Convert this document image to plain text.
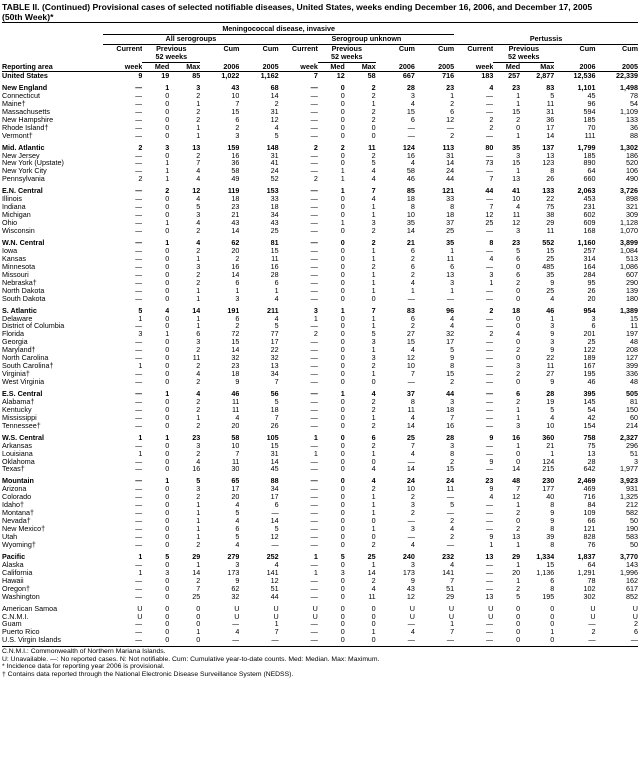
TABLE II. (Continued) Provisional cases of selected notifiable diseases, United States, weeks ending December 16, 2006, and December 17, 2005
(50th Week)*
	Meningococcal disease, invasive														
	All serogroups					Serogroup unknown					Pertussis				
	Current	Previous		Cum	Cum	Current	Previous		Cum	Cum	Current	Previous		Cum	Cum
		52 weeks					52 weeks					52 weeks			
Reporting area	week	Med	Max	2006	2005	week	Med	Max	2006	2005	week	Med	Max	2006	2005
United States	9	19	85	1,022	1,162	7	12	58	667	716	183	257	2,877	12,536	22,339

New England	—	1	3	43	68	—	0	2	28	23	4	23	83	1,101	1,498
Connecticut	—	0	2	10	14	—	0	2	3	1	—	1	5	45	78
Maine†	—	0	1	7	2	—	0	1	4	2	—	1	11	96	54
Massachusetts	—	0	2	15	31	—	0	2	15	6	—	15	31	594	1,109
New Hampshire	—	0	2	6	12	—	0	2	6	12	2	2	36	185	133
Rhode Island†	—	0	1	2	4	—	0	0	—	—	2	0	17	70	36
Vermont†	—	0	1	3	5	—	0	0	—	2	—	1	14	111	88

Mid. Atlantic	2	3	13	159	148	2	2	11	124	113	80	35	137	1,799	1,302
New Jersey	—	0	2	16	31	—	0	2	16	31	—	3	13	185	186
New York (Upstate)	—	1	7	36	41	—	0	5	4	14	73	15	123	890	520
New York City	—	1	4	58	24	—	1	4	58	24	—	1	8	64	106
Pennsylvania	2	1	4	49	52	2	1	4	46	44	7	13	26	660	490

E.N. Central	—	2	12	119	153	—	1	7	85	121	44	41	133	2,063	3,726
Illinois	—	0	4	18	33	—	0	4	18	33	—	10	22	453	898
Indiana	—	0	5	23	18	—	0	1	8	8	7	4	75	231	321
Michigan	—	0	3	21	34	—	0	1	10	18	12	11	38	602	309
Ohio	—	1	4	43	43	—	1	3	35	37	25	12	29	609	1,128
Wisconsin	—	0	2	14	25	—	0	2	14	25	—	3	11	168	1,070

W.N. Central	—	1	4	62	81	—	0	2	21	35	8	23	552	1,160	3,899
Iowa	—	0	2	20	15	—	0	1	6	1	—	5	15	257	1,084
Kansas	—	0	1	2	11	—	0	1	2	11	4	6	25	314	513
Minnesota	—	0	3	16	16	—	0	2	6	6	—	0	485	164	1,086
Missouri	—	0	2	14	28	—	0	1	2	13	3	6	35	284	607
Nebraska†	—	0	2	6	6	—	0	1	4	3	1	2	9	95	290
North Dakota	—	0	1	1	1	—	0	1	1	1	—	0	25	26	139
South Dakota	—	0	1	3	4	—	0	0	—	—	—	0	4	20	180

S. Atlantic	5	4	14	191	211	3	1	7	83	96	2	18	46	954	1,389
Delaware	1	0	1	6	4	1	0	1	6	4	—	0	1	3	15
District of Columbia	—	0	1	2	5	—	0	1	2	4	—	0	3	6	11
Florida	3	1	6	72	77	2	0	5	27	32	2	4	9	201	197
Georgia	—	0	3	15	17	—	0	3	15	17	—	0	3	25	48
Maryland†	—	0	2	14	22	—	0	1	4	5	—	2	9	122	208
North Carolina	—	0	11	32	32	—	0	3	12	9	—	0	22	189	127
South Carolina†	1	0	2	23	13	—	0	2	10	8	—	3	11	167	399
Virginia†	—	0	4	18	34	—	0	1	7	15	—	2	27	195	336
West Virginia	—	0	2	9	7	—	0	0	—	2	—	0	9	46	48

E.S. Central	—	1	4	46	56	—	1	4	37	44	—	6	28	395	505
Alabama†	—	0	2	11	5	—	0	2	8	3	—	2	19	145	81
Kentucky	—	0	2	11	18	—	0	2	11	18	—	1	5	54	150
Mississippi	—	0	1	4	7	—	0	1	4	7	—	1	4	42	60
Tennessee†	—	0	2	20	26	—	0	2	14	16	—	3	10	154	214

W.S. Central	1	1	23	58	105	1	0	6	25	28	9	16	360	758	2,327
Arkansas	—	0	3	10	15	—	0	2	7	3	—	1	21	75	296
Louisiana	1	0	2	7	31	1	0	1	4	8	—	0	1	13	51
Oklahoma	—	0	4	11	14	—	0	0	—	2	9	0	124	28	3
Texas†	—	0	16	30	45	—	0	4	14	15	—	14	215	642	1,977

Mountain	—	1	5	65	88	—	0	4	24	24	23	48	230	2,469	3,923
Arizona	—	0	3	17	34	—	0	2	10	11	9	7	177	469	931
Colorado	—	0	2	20	17	—	0	1	2	—	4	12	40	716	1,325
Idaho†	—	0	1	4	6	—	0	1	3	5	—	1	8	84	212
Montana†	—	0	1	5	—	—	0	1	2	—	—	2	9	109	582
Nevada†	—	0	1	4	14	—	0	0	—	2	—	0	9	66	50
New Mexico†	—	0	1	6	5	—	0	1	3	4	—	2	8	121	190
Utah	—	0	1	5	12	—	0	0	—	2	9	13	39	828	583
Wyoming†	—	0	2	4	—	—	0	2	4	—	1	1	8	76	50

Pacific	1	5	29	279	252	1	5	25	240	232	13	29	1,334	1,837	3,770
Alaska	—	0	1	3	4	—	0	1	3	4	—	1	15	64	143
California	1	3	14	173	141	1	3	14	173	141	—	20	1,136	1,291	1,996
Hawaii	—	0	2	9	12	—	0	2	9	7	—	1	6	78	162
Oregon†	—	0	7	62	51	—	0	4	43	51	—	2	8	102	617
Washington	—	0	25	32	44	—	0	11	12	29	13	5	195	302	852

American Samoa	U	0	0	U	U	U	0	0	U	U	U	0	0	U	U
C.N.M.I.	U	0	0	U	U	U	0	0	U	U	U	0	0	U	U
Guam	—	0	0	—	1	—	0	0	—	1	—	0	0	—	2
Puerto Rico	—	0	1	4	7	—	0	1	4	7	—	0	1	2	6
U.S. Virgin Islands	—	0	0	—	—	—	0	0	—	—	—	0	0	—	—
C.N.M.I.: Commonwealth of Northern Mariana Islands.
U: Unavailable. —: No reported cases. N: Not notifiable. Cum: Cumulative year-to-date counts. Med: Median. Max: Maximum.
* Incidence data for reporting year 2006 is provisional.
† Contains data reported through the National Electronic Disease Surveillance System (NEDSS).
